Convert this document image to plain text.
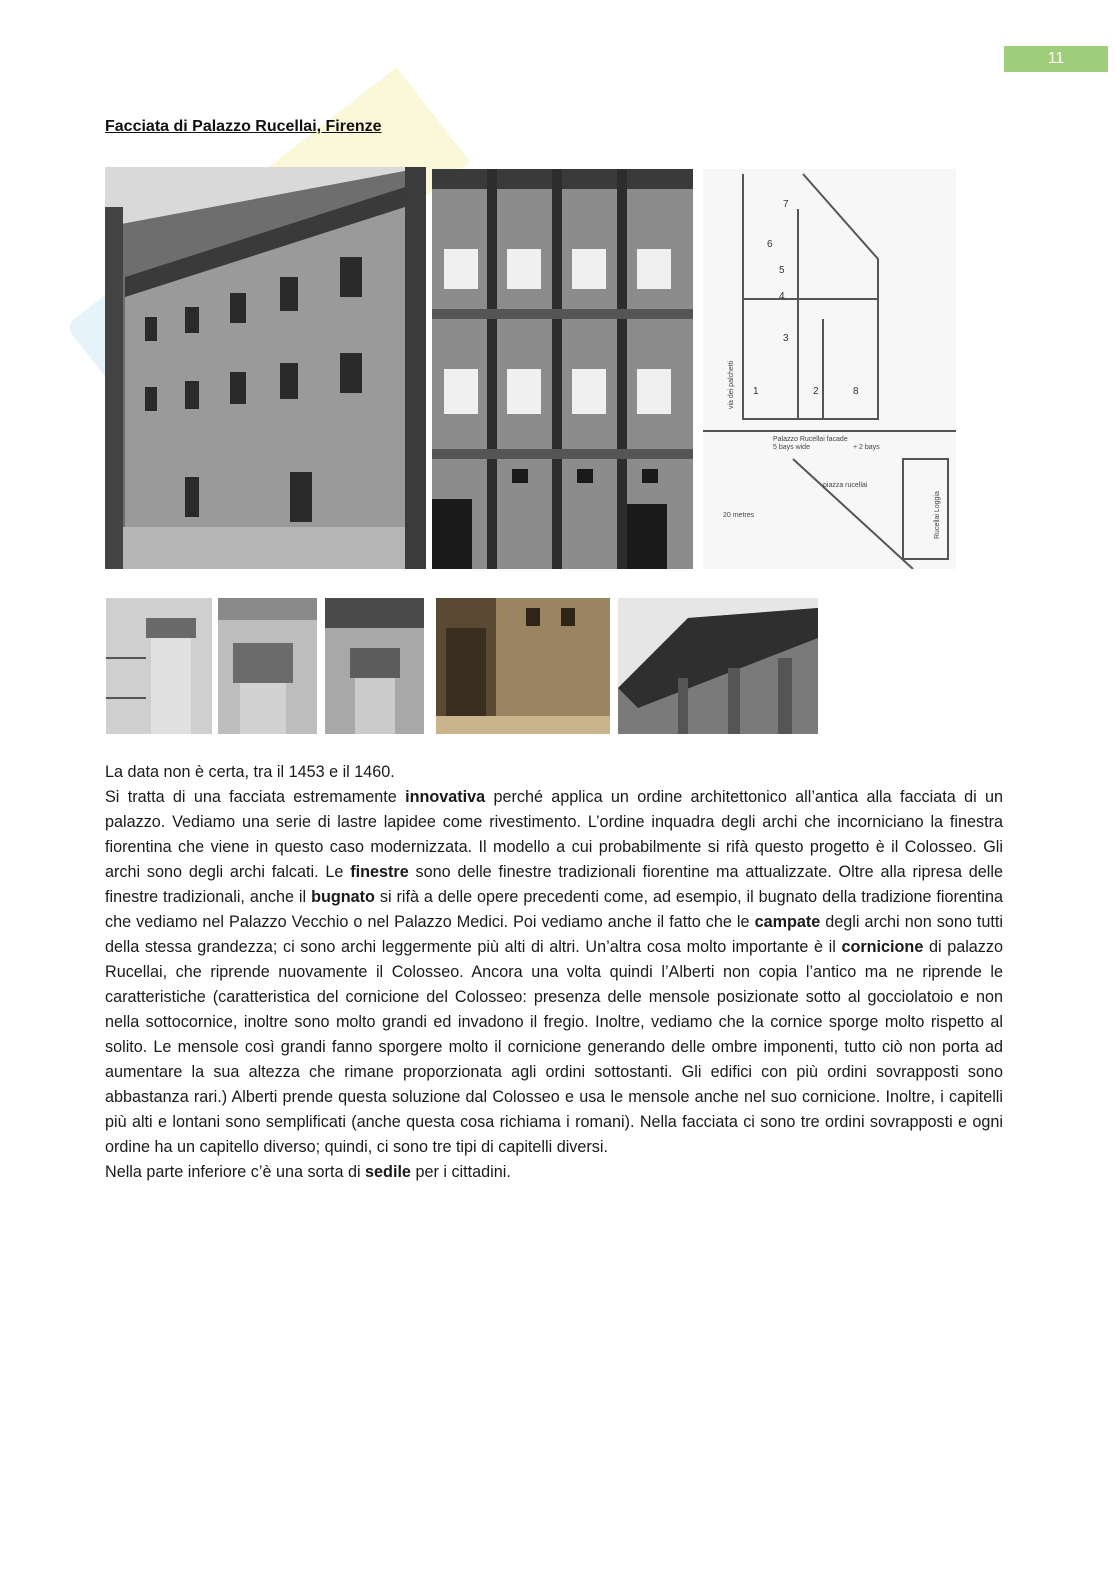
11
Facciata di Palazzo Rucellai, Firenze
1	2
3
4
5
6
7
8
Palazzo Rucellai facade
5 bays wide	+ 2 bays
piazza rucellai
20 metres
via dei palchetti
Rucellai Loggia

La data non è certa, tra il 1453 e il 1460.

Si tratta di una facciata estremamente innovativa perché applica un ordine architettonico all’antica alla facciata di un palazzo. Vediamo una serie di lastre lapidee come rivestimento. L’ordine inquadra degli archi che incorniciano la finestra fiorentina che viene in questo caso modernizzata. Il modello a cui probabilmente si rifà questo progetto è il Colosseo. Gli archi sono degli archi falcati. Le finestre sono delle finestre tradizionali fiorentine ma attualizzate. Oltre alla ripresa delle finestre tradizionali, anche il bugnato si rifà a delle opere precedenti come, ad esempio, il bugnato della tradizione fiorentina che vediamo nel Palazzo Vecchio o nel Palazzo Medici. Poi vediamo anche il fatto che le campate degli archi non sono tutti della stessa grandezza; ci sono archi leggermente più alti di altri. Un’altra cosa molto importante è il cornicione di palazzo Rucellai, che riprende nuovamente il Colosseo. Ancora una volta quindi l’Alberti non copia l’antico ma ne riprende le caratteristiche (caratteristica del cornicione del Colosseo: presenza delle mensole posizionate sotto al gocciolatoio e non nella sottocornice, inoltre sono molto grandi ed invadono il fregio. Inoltre, vediamo che la cornice sporge molto rispetto al solito. Le mensole così grandi fanno sporgere molto il cornicione generando delle ombre imponenti, tutto ciò non porta ad aumentare la sua altezza che rimane proporzionata agli ordini sottostanti. Gli edifici con più ordini sovrapposti sono abbastanza rari.) Alberti prende questa soluzione dal Colosseo e usa le mensole anche nel suo cornicione. Inoltre, i capitelli più alti e lontani sono semplificati (anche questa cosa richiama i romani). Nella facciata ci sono tre ordini sovrapposti e ogni ordine ha un capitello diverso; quindi, ci sono tre tipi di capitelli diversi.

Nella parte inferiore c’è una sorta di sedile per i cittadini.
